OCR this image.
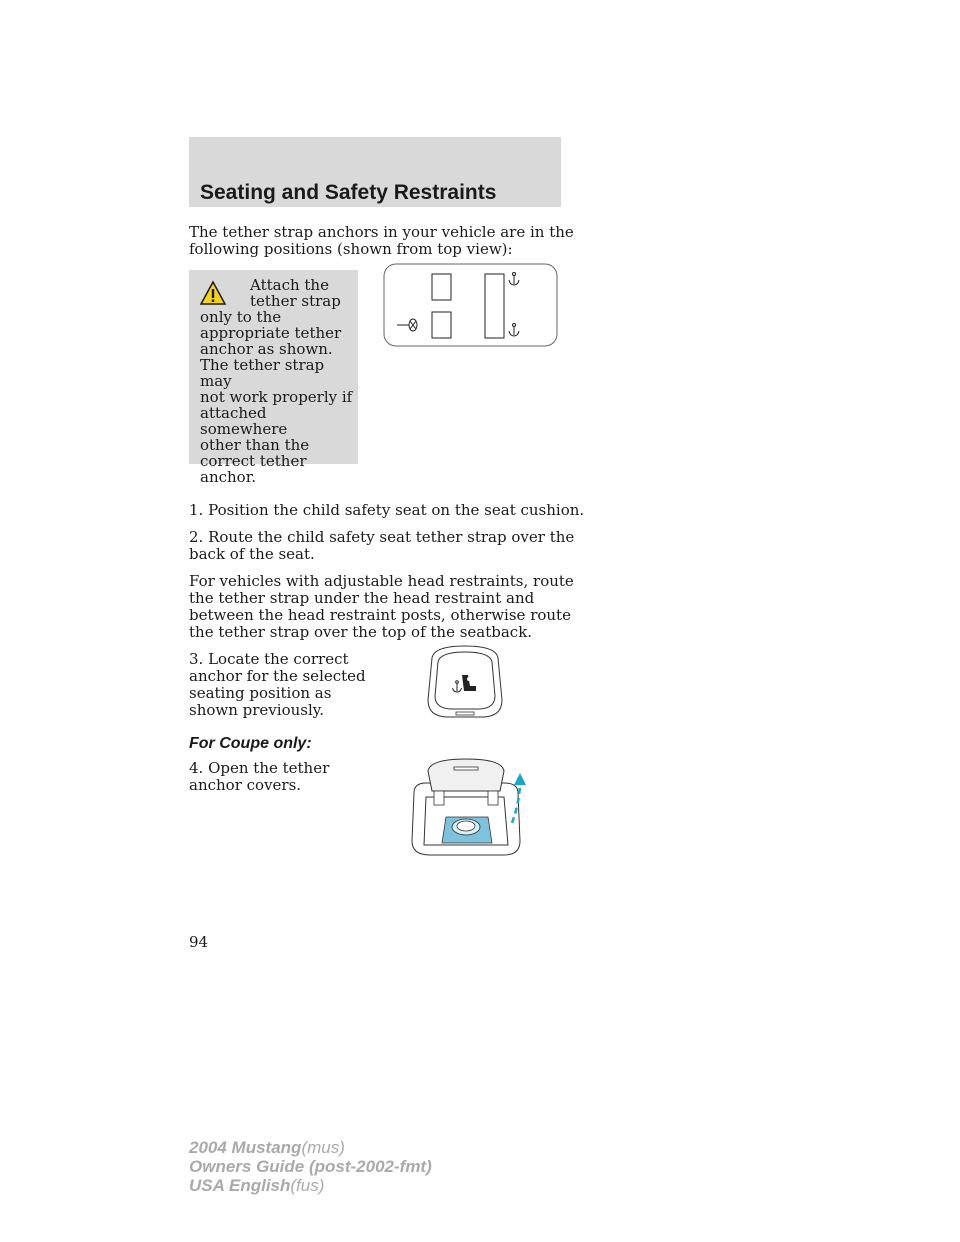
Seating and Safety Restraints
The tether strap anchors in your vehicle are in the
following positions (shown from top view):
Attach the
tether strap
only to the
appropriate tether
anchor as shown.
The tether strap may
not work properly if
attached somewhere
other than the
correct tether
anchor.
1. Position the child safety seat on the seat cushion.
2. Route the child safety seat tether strap over the
back of the seat.
For vehicles with adjustable head restraints, route
the tether strap under the head restraint and
between the head restraint posts, otherwise route
the tether strap over the top of the seatback.
3. Locate the correct
anchor for the selected
seating position as
shown previously.
For Coupe only:
4. Open the tether
anchor covers.
94
2004 Mustang(mus)
Owners Guide (post-2002-fmt)
USA English(fus)
